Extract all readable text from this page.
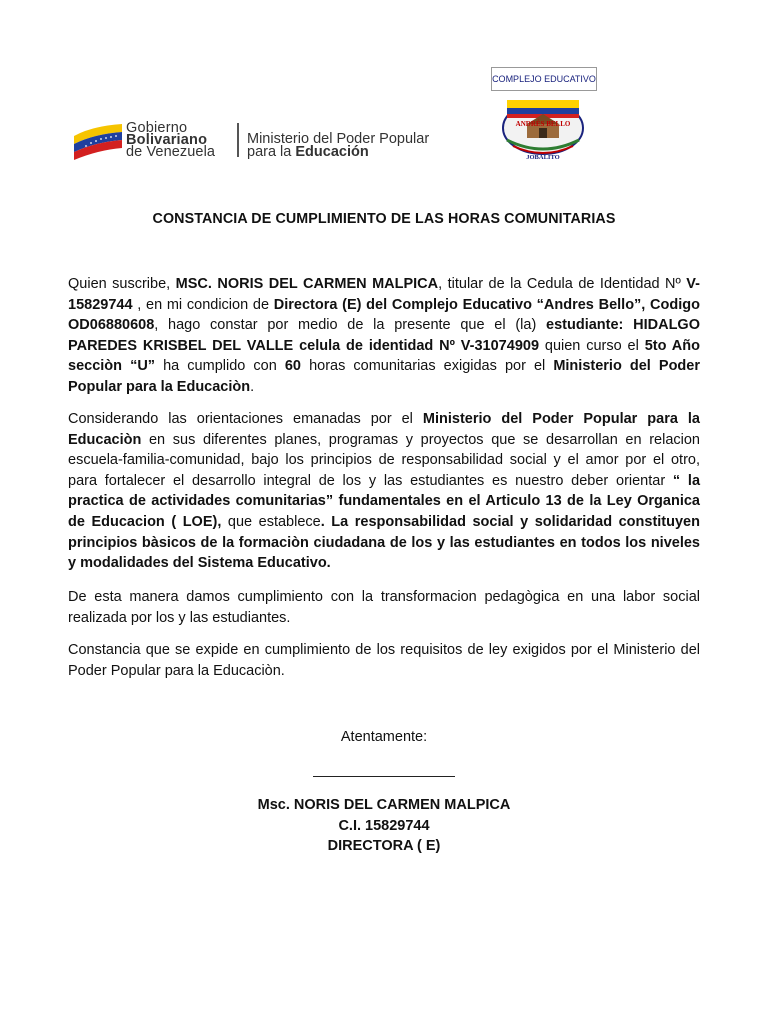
Gobierno
Bolivariano
de Venezuela
Ministerio del Poder Popular
para la Educación
COMPLEJO EDUCATIVO
ANDRÉS BELLO
JOBALITO
CONSTANCIA DE CUMPLIMIENTO DE LAS HORAS COMUNITARIAS
Quien suscribe, MSC. NORIS DEL CARMEN MALPICA, titular de la Cedula de Identidad Nº V- 15829744 , en mi condicion de Directora (E) del Complejo Educativo “Andres Bello”, Codigo OD06880608, hago constar por medio de la presente que el (la) estudiante: HIDALGO PAREDES KRISBEL DEL VALLE celula de identidad Nº V-31074909 quien curso el 5to Año secciòn “U” ha cumplido con 60 horas comunitarias exigidas por el Ministerio del Poder Popular para la Educaciòn.
Considerando las orientaciones emanadas por el Ministerio del Poder Popular para la Educaciòn en sus diferentes planes, programas y proyectos que se desarrollan en relacion escuela-familia-comunidad, bajo los principios de responsabilidad social y el amor por el otro, para fortalecer el desarrollo integral de los y las estudiantes es nuestro deber orientar “ la practica de actividades comunitarias” fundamentales en el Articulo 13 de la Ley Organica de Educacion ( LOE), que establece. La responsabilidad social y solidaridad constituyen principios bàsicos de la formaciòn ciudadana de los y las estudiantes en todos los niveles y modalidades del Sistema Educativo.
De esta manera damos cumplimiento con la transformacion pedagògica en una labor social realizada por los y las estudiantes.
Constancia que se expide en cumplimiento de los requisitos de ley exigidos por el Ministerio del Poder Popular para la Educaciòn.
Atentamente:
Msc. NORIS DEL CARMEN MALPICA
C.I. 15829744
DIRECTORA ( E)
